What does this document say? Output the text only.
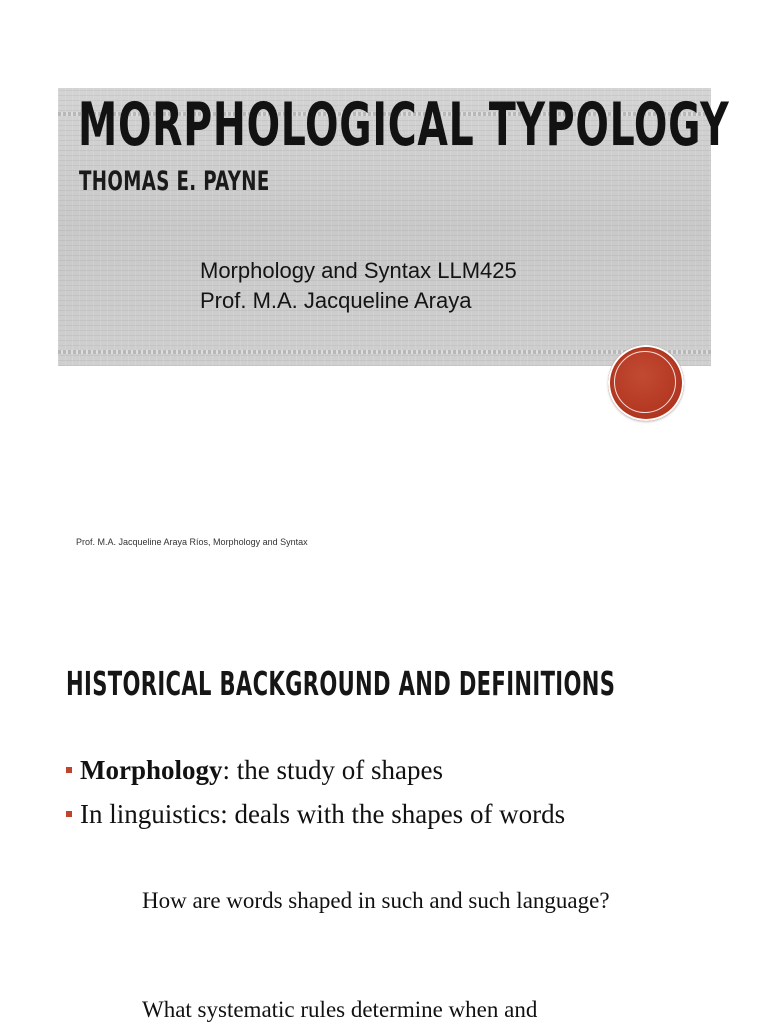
MORPHOLOGICAL TYPOLOGY
THOMAS E. PAYNE

Morphology and Syntax LLM425

Prof. M.A. Jacqueline Araya

Prof. M.A. Jacqueline Araya Ríos, Morphology and Syntax

HISTORICAL BACKGROUND AND DEFINITIONS
Morphology: the study of shapes
In linguistics: deals with the shapes of words

How are words shaped in such and such language?

What systematic rules determine when and
